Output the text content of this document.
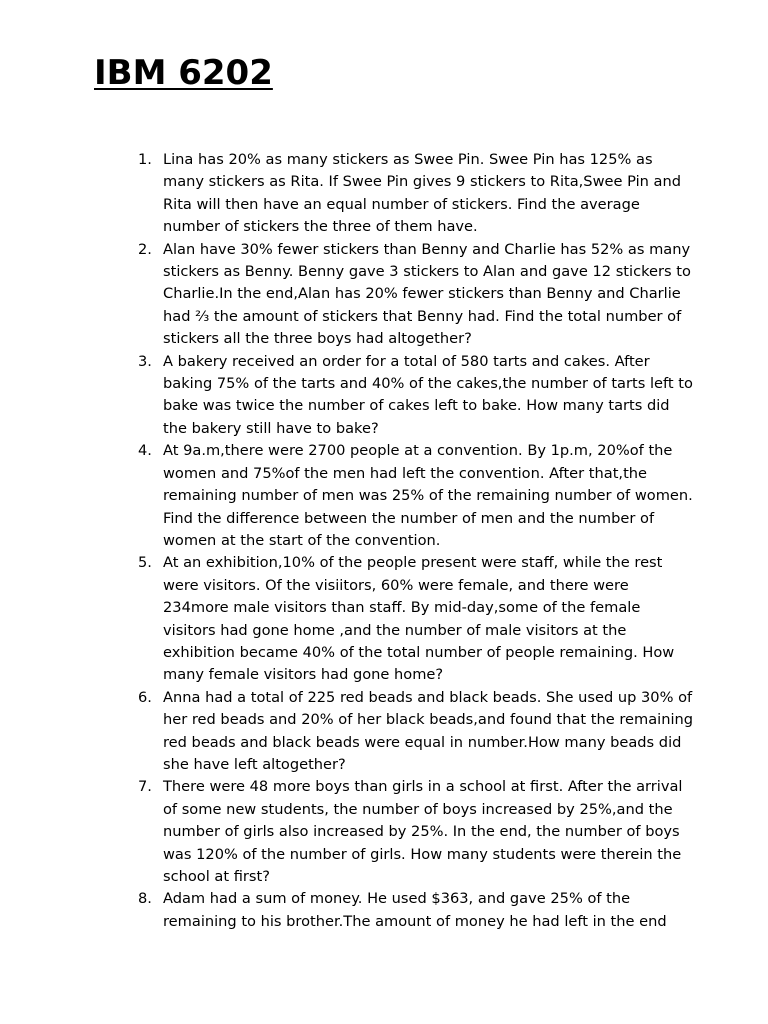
IBM 6202
1. Lina has 20% as many stickers as Swee Pin. Swee Pin has 125% as many stickers as Rita. If Swee Pin gives 9 stickers to Rita,Swee Pin and Rita will then have an equal number of stickers. Find the average number of stickers the three of them have.
2. Alan have 30% fewer stickers than Benny and Charlie has 52% as many stickers as Benny. Benny gave 3 stickers to Alan and gave 12 stickers to Charlie.In the end,Alan has 20% fewer stickers than Benny and Charlie had ⅔ the amount of stickers that Benny had. Find the total number of stickers all the three boys had altogether?
3. A bakery received an order for a total of 580 tarts and cakes. After baking 75% of the tarts and 40% of the cakes,the number of tarts left to bake was twice the number of cakes left to bake. How many tarts did the bakery still have to bake?
4. At 9a.m,there were 2700 people at a convention. By 1p.m, 20%of the women and 75%of the men had left the convention. After that,the remaining number of men was 25% of the remaining number of women. Find the difference between the number of men and the number of women at the start of the convention.
5. At an exhibition,10% of the people present were staff, while the rest were visitors. Of the visiitors, 60% were female, and there were 234more male visitors than staff. By mid-day,some of the female visitors had gone home ,and the number of male visitors at the exhibition became 40% of the total number of people remaining. How many female visitors had gone home?
6. Anna had a total of 225 red beads and black beads. She used up 30% of her red beads and 20% of her black beads,and found that the remaining red beads and black beads were equal in number.How many beads did she have left altogether?
7. There were 48 more boys than girls in a school at first. After the arrival of some new students, the number of boys increased by 25%,and the number of girls also increased by 25%. In the end, the number of boys was 120% of the number of girls. How many students were therein the school at first?
8. Adam had a sum of money. He used $363, and gave 25% of the remaining to his brother.The amount of money he had left in the end
